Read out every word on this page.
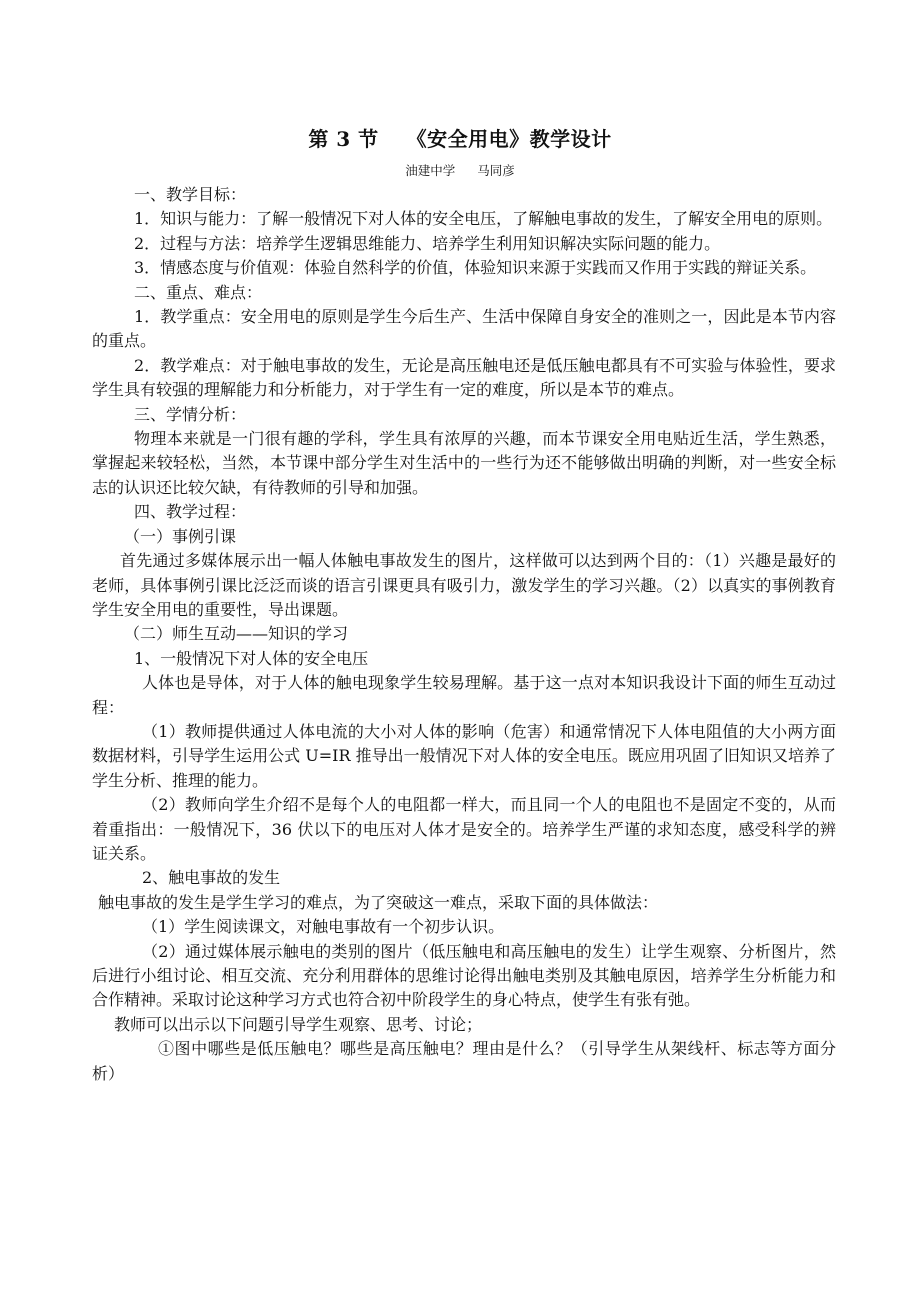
第 3 节　 《安全用电》教学设计
油建中学 马同彦

一、教学目标：

1．知识与能力：了解一般情况下对人体的安全电压，了解触电事故的发生，了解安全用电的原则。

2．过程与方法：培养学生逻辑思维能力、培养学生利用知识解决实际问题的能力。

3．情感态度与价值观：体验自然科学的价值，体验知识来源于实践而又作用于实践的辩证关系。

二、重点、难点：

1．教学重点：安全用电的原则是学生今后生产、生活中保障自身安全的准则之一，因此是本节内容的重点。

2．教学难点：对于触电事故的发生，无论是高压触电还是低压触电都具有不可实验与体验性，要求学生具有较强的理解能力和分析能力，对于学生有一定的难度，所以是本节的难点。

三、学情分析：

物理本来就是一门很有趣的学科，学生具有浓厚的兴趣，而本节课安全用电贴近生活，学生熟悉，掌握起来较轻松，当然，本节课中部分学生对生活中的一些行为还不能够做出明确的判断，对一些安全标志的认识还比较欠缺，有待教师的引导和加强。

四、教学过程：

（一）事例引课

首先通过多媒体展示出一幅人体触电事故发生的图片，这样做可以达到两个目的：（1）兴趣是最好的老师，具体事例引课比泛泛而谈的语言引课更具有吸引力，激发学生的学习兴趣。（2）以真实的事例教育学生安全用电的重要性，导出课题。

（二）师生互动——知识的学习

1、一般情况下对人体的安全电压

人体也是导体，对于人体的触电现象学生较易理解。基于这一点对本知识我设计下面的师生互动过程：

（1）教师提供通过人体电流的大小对人体的影响（危害）和通常情况下人体电阻值的大小两方面数据材料，引导学生运用公式 U=IR 推导出一般情况下对人体的安全电压。既应用巩固了旧知识又培养了学生分析、推理的能力。

（2）教师向学生介绍不是每个人的电阻都一样大，而且同一个人的电阻也不是固定不变的，从而着重指出：一般情况下，36 伏以下的电压对人体才是安全的。培养学生严谨的求知态度，感受科学的辨证关系。

2、触电事故的发生

触电事故的发生是学生学习的难点，为了突破这一难点，采取下面的具体做法：

（1）学生阅读课文，对触电事故有一个初步认识。

（2）通过媒体展示触电的类别的图片（低压触电和高压触电的发生）让学生观察、分析图片，然后进行小组讨论、相互交流、充分利用群体的思维讨论得出触电类别及其触电原因，培养学生分析能力和合作精神。采取讨论这种学习方式也符合初中阶段学生的身心特点，使学生有张有弛。

教师可以出示以下问题引导学生观察、思考、讨论；

①图中哪些是低压触电？哪些是高压触电？理由是什么？（引导学生从架线杆、标志等方面分析）
